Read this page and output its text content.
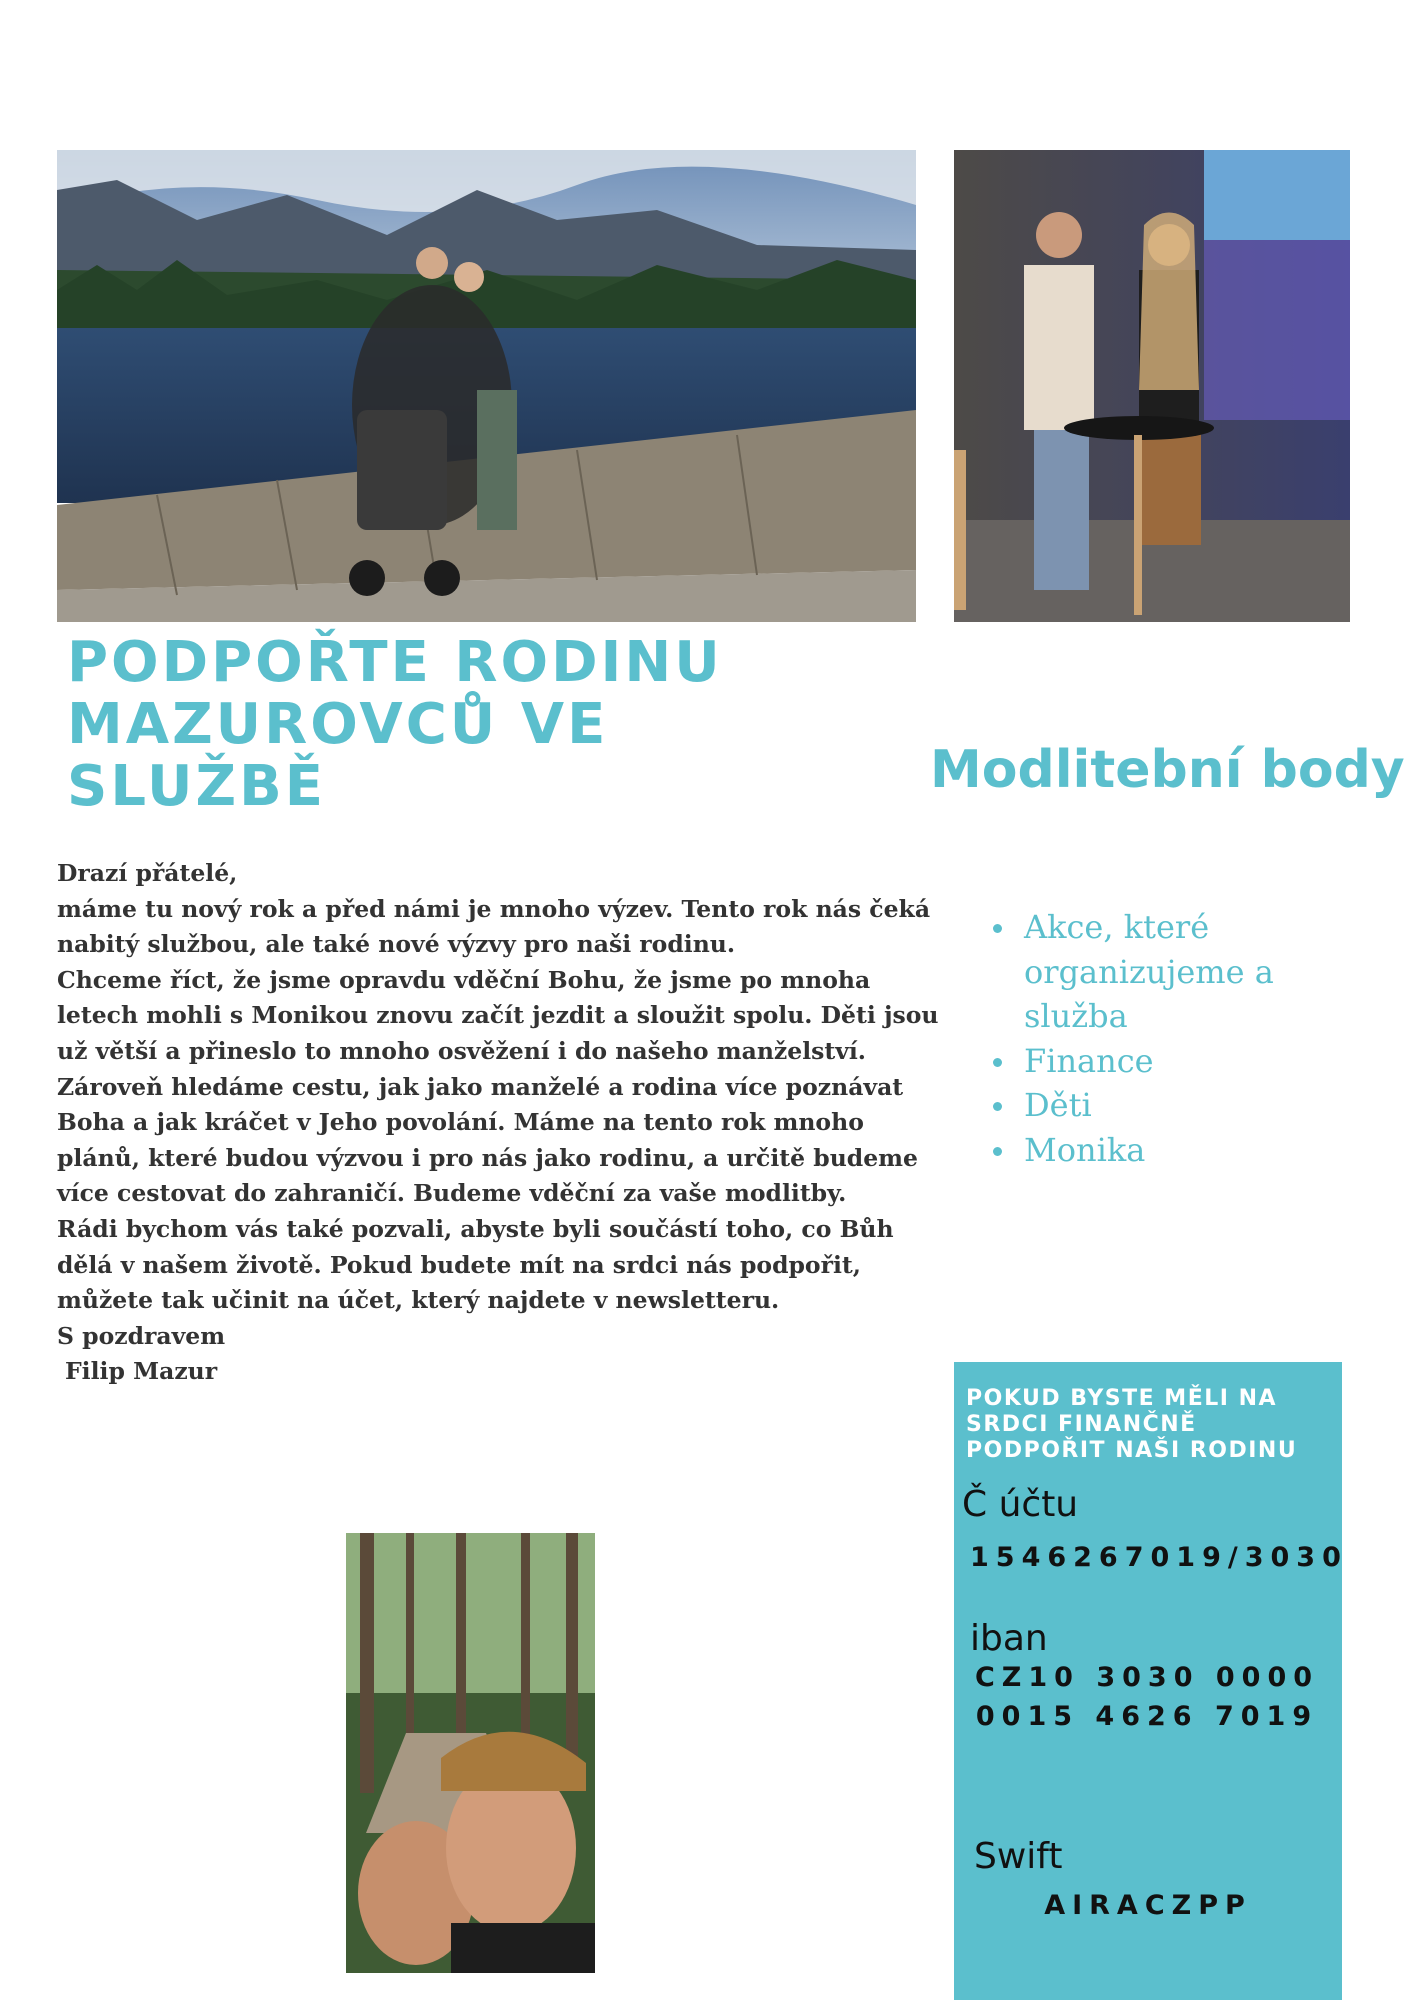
PODPOŘTE RODINU
MAZUROVCŮ VE
SLUŽBĚ	Modlitební body

Drazí přátelé,

máme tu nový rok a před námi je mnoho výzev. Tento rok nás čeká

nabitý službou, ale také nové výzvy pro naši rodinu.

Chceme říct, že jsme opravdu vděční Bohu, že jsme po mnoha

letech mohli s Monikou znovu začít jezdit a sloužit spolu. Děti jsou

už větší a přineslo to mnoho osvěžení i do našeho manželství.

Zároveň hledáme cestu, jak jako manželé a rodina více poznávat

Boha a jak kráčet v Jeho povolání. Máme na tento rok mnoho

plánů, které budou výzvou i pro nás jako rodinu, a určitě budeme

více cestovat do zahraničí. Budeme vděční za vaše modlitby.

Rádi bychom vás také pozvali, abyste byli součástí toho, co Bůh

dělá v našem životě. Pokud budete mít na srdci nás podpořit,

můžete tak učinit na účet, který najdete v newsletteru.

S pozdravem

Filip Mazur

Akce, které organizujeme a služba
Finance
Děti
Monika
POKUD BYSTE MĚLI NA SRDCI FINANČNĚ PODPOŘIT NAŠI RODINU
Č účtu
1546267019/3030
iban
CZ10 3030 0000 0015 4626 7019
Swift
AIRACZPP
